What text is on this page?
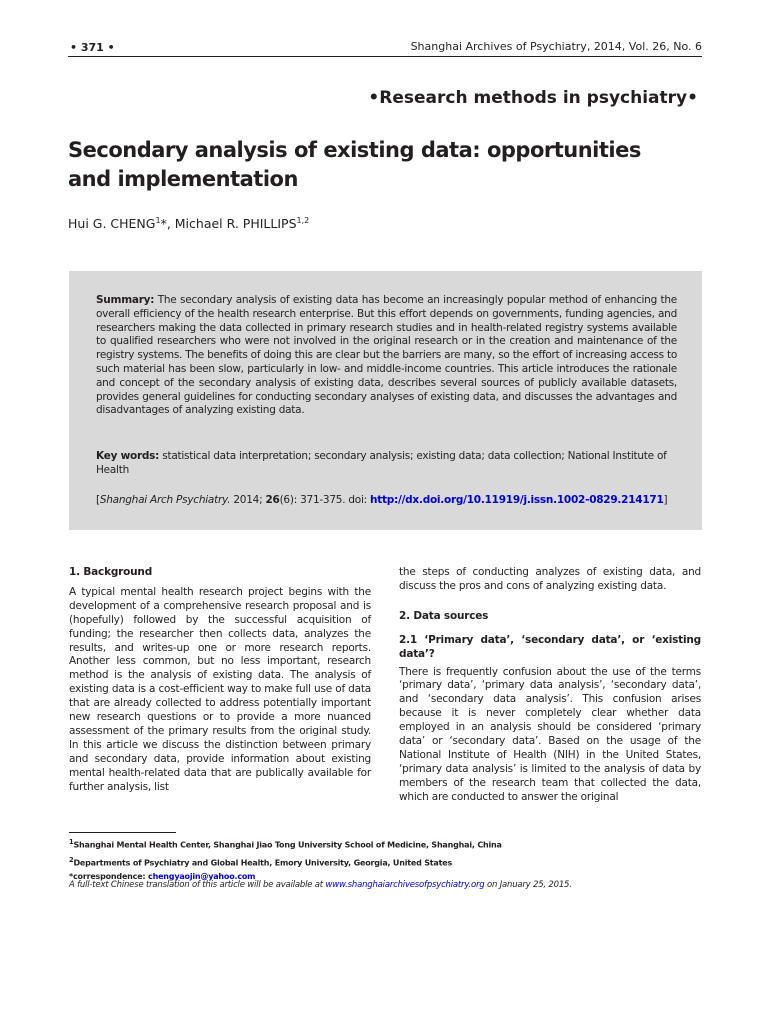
• 371 •	Shanghai Archives of Psychiatry, 2014, Vol. 26, No. 6
•Research methods in psychiatry•
Secondary analysis of existing data: opportunities and implementation
Hui G. CHENG$^1$*, Michael R. PHILLIPS$^{1,2}$
Summary: The secondary analysis of existing data has become an increasingly popular method of enhancing the overall efficiency of the health research enterprise. But this effort depends on governments, funding agencies, and researchers making the data collected in primary research studies and in health-related registry systems available to qualified researchers who were not involved in the original research or in the creation and maintenance of the registry systems. The benefits of doing this are clear but the barriers are many, so the effort of increasing access to such material has been slow, particularly in low- and middle-income countries. This article introduces the rationale and concept of the secondary analysis of existing data, describes several sources of publicly available datasets, provides general guidelines for conducting secondary analyses of existing data, and discusses the advantages and disadvantages of analyzing existing data.
Key words: statistical data interpretation; secondary analysis; existing data; data collection; National Institute of Health
[Shanghai Arch Psychiatry. 2014; 26(6): 371-375. doi: http://dx.doi.org/10.11919/j.issn.1002-0829.214171]
1. Background

A typical mental health research project begins with the development of a comprehensive research proposal and is (hopefully) followed by the successful acquisition of funding; the researcher then collects data, analyzes the results, and writes-up one or more research reports. Another less common, but no less important, research method is the analysis of existing data. The analysis of existing data is a cost-efficient way to make full use of data that are already collected to address potentially important new research questions or to provide a more nuanced assessment of the primary results from the original study. In this article we discuss the distinction between primary and secondary data, provide information about existing mental health-related data that are publically available for further analysis, list

the steps of conducting analyzes of existing data, and discuss the pros and cons of analyzing existing data.

2. Data sources
2.1 ‘Primary data’, ‘secondary data’, or ‘existing data’?

There is frequently confusion about the use of the terms ‘primary data’, ‘primary data analysis’, ‘secondary data’, and ‘secondary data analysis’. This confusion arises because it is never completely clear whether data employed in an analysis should be considered ‘primary data’ or ‘secondary data’. Based on the usage of the National Institute of Health (NIH) in the United States, ‘primary data analysis’ is limited to the analysis of data by members of the research team that collected the data, which are conducted to answer the original

$^1$Shanghai Mental Health Center, Shanghai Jiao Tong University School of Medicine, Shanghai, China
$^2$Departments of Psychiatry and Global Health, Emory University, Georgia, United States
*correspondence: chengyaojin@yahoo.com
A full-text Chinese translation of this article will be available at www.shanghaiarchivesofpsychiatry.org on January 25, 2015.
